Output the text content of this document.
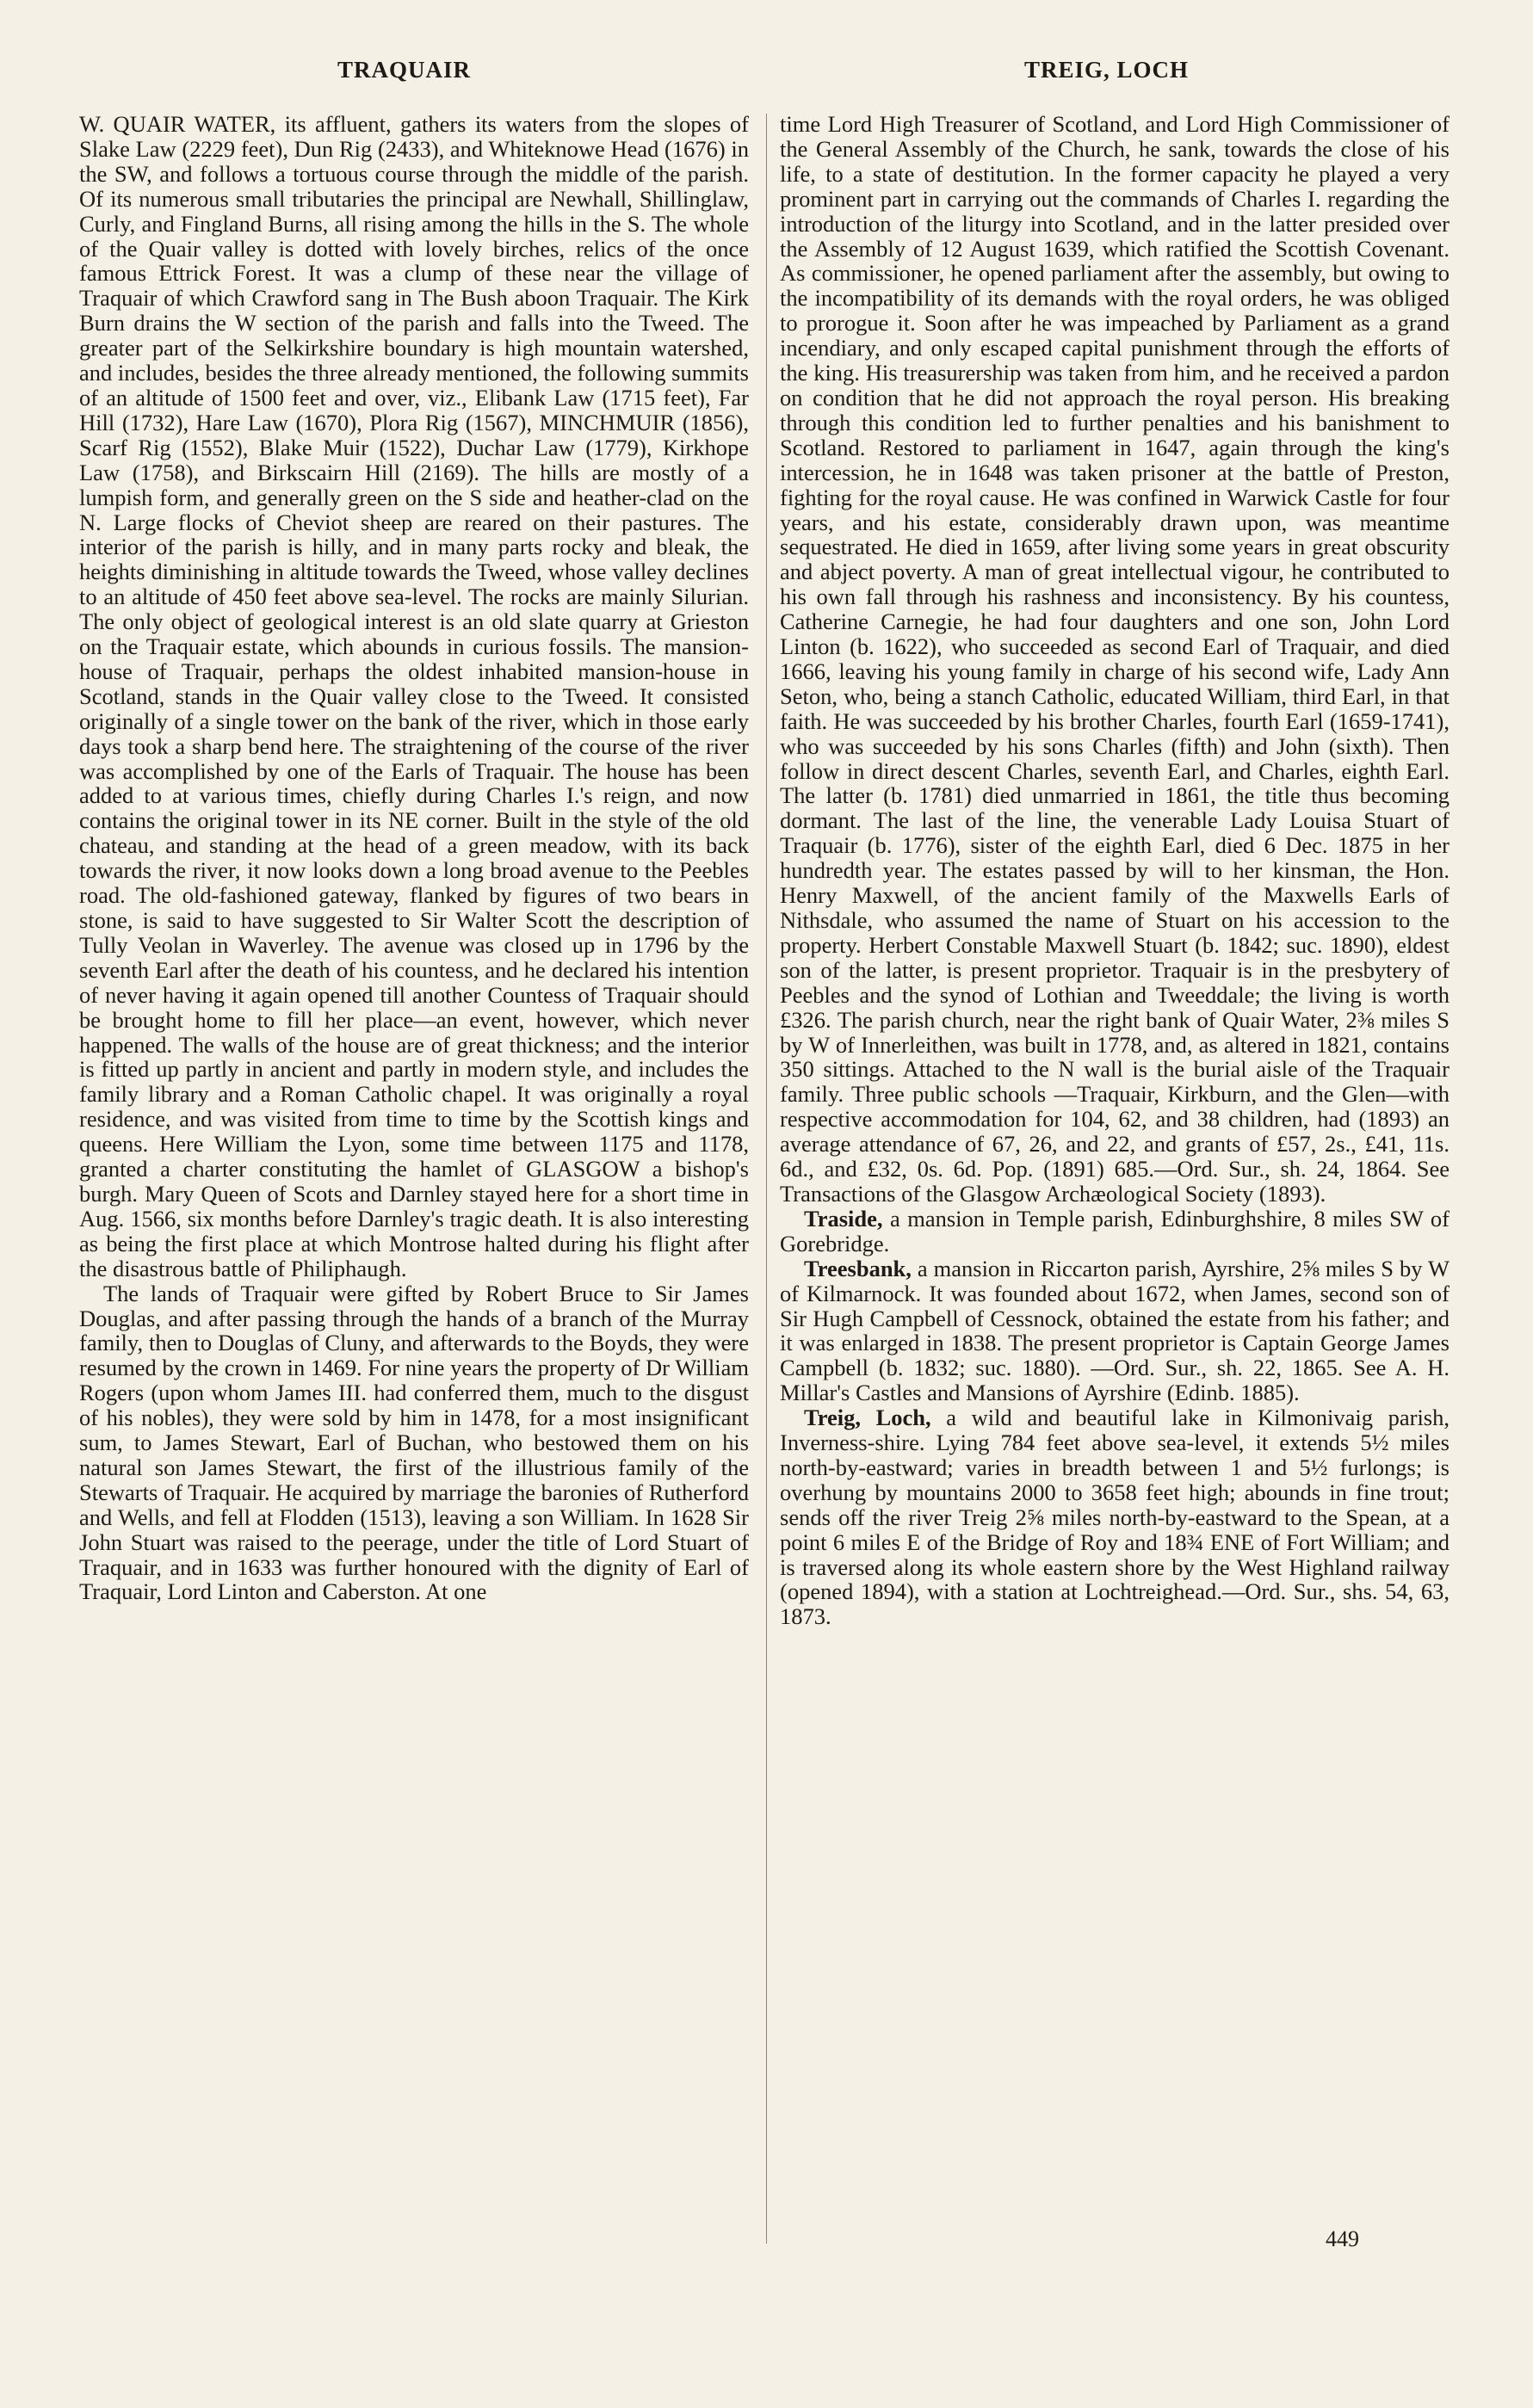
TRAQUAIR	TREIG, LOCH

W. QUAIR WATER, its affluent, gathers its waters from the slopes of Slake Law (2229 feet), Dun Rig (2433), and Whiteknowe Head (1676) in the SW, and follows a tortuous course through the middle of the parish. Of its numerous small tributaries the principal are Newhall, Shillinglaw, Curly, and Fingland Burns, all rising among the hills in the S. The whole of the Quair valley is dotted with lovely birches, relics of the once famous Ettrick Forest. It was a clump of these near the village of Traquair of which Crawford sang in The Bush aboon Traquair. The Kirk Burn drains the W section of the parish and falls into the Tweed. The greater part of the Selkirkshire boundary is high mountain watershed, and includes, besides the three already mentioned, the following summits of an altitude of 1500 feet and over, viz., Elibank Law (1715 feet), Far Hill (1732), Hare Law (1670), Plora Rig (1567), MINCHMUIR (1856), Scarf Rig (1552), Blake Muir (1522), Duchar Law (1779), Kirkhope Law (1758), and Birkscairn Hill (2169). The hills are mostly of a lumpish form, and generally green on the S side and heather-clad on the N. Large flocks of Cheviot sheep are reared on their pastures. The interior of the parish is hilly, and in many parts rocky and bleak, the heights diminishing in altitude towards the Tweed, whose valley declines to an altitude of 450 feet above sea-level. The rocks are mainly Silurian. The only object of geological interest is an old slate quarry at Grieston on the Traquair estate, which abounds in curious fossils. The mansion-house of Traquair, perhaps the oldest inhabited mansion-house in Scotland, stands in the Quair valley close to the Tweed. It consisted originally of a single tower on the bank of the river, which in those early days took a sharp bend here. The straightening of the course of the river was accomplished by one of the Earls of Traquair. The house has been added to at various times, chiefly during Charles I.'s reign, and now contains the original tower in its NE corner. Built in the style of the old chateau, and standing at the head of a green meadow, with its back towards the river, it now looks down a long broad avenue to the Peebles road. The old-fashioned gateway, flanked by figures of two bears in stone, is said to have suggested to Sir Walter Scott the description of Tully Veolan in Waverley. The avenue was closed up in 1796 by the seventh Earl after the death of his countess, and he declared his intention of never having it again opened till another Countess of Traquair should be brought home to fill her place—an event, however, which never happened. The walls of the house are of great thickness; and the interior is fitted up partly in ancient and partly in modern style, and includes the family library and a Roman Catholic chapel. It was originally a royal residence, and was visited from time to time by the Scottish kings and queens. Here William the Lyon, some time between 1175 and 1178, granted a charter constituting the hamlet of GLASGOW a bishop's burgh. Mary Queen of Scots and Darnley stayed here for a short time in Aug. 1566, six months before Darnley's tragic death. It is also interesting as being the first place at which Montrose halted during his flight after the disastrous battle of Philiphaugh.

The lands of Traquair were gifted by Robert Bruce to Sir James Douglas, and after passing through the hands of a branch of the Murray family, then to Douglas of Cluny, and afterwards to the Boyds, they were resumed by the crown in 1469. For nine years the property of Dr William Rogers (upon whom James III. had conferred them, much to the disgust of his nobles), they were sold by him in 1478, for a most insignificant sum, to James Stewart, Earl of Buchan, who bestowed them on his natural son James Stewart, the first of the illustrious family of the Stewarts of Traquair. He acquired by marriage the baronies of Rutherford and Wells, and fell at Flodden (1513), leaving a son William. In 1628 Sir John Stuart was raised to the peerage, under the title of Lord Stuart of Traquair, and in 1633 was further honoured with the dignity of Earl of Traquair, Lord Linton and Caberston. At one

time Lord High Treasurer of Scotland, and Lord High Commissioner of the General Assembly of the Church, he sank, towards the close of his life, to a state of destitution. In the former capacity he played a very prominent part in carrying out the commands of Charles I. regarding the introduction of the liturgy into Scotland, and in the latter presided over the Assembly of 12 August 1639, which ratified the Scottish Covenant. As commissioner, he opened parliament after the assembly, but owing to the incompatibility of its demands with the royal orders, he was obliged to prorogue it. Soon after he was impeached by Parliament as a grand incendiary, and only escaped capital punishment through the efforts of the king. His treasurership was taken from him, and he received a pardon on condition that he did not approach the royal person. His breaking through this condition led to further penalties and his banishment to Scotland. Restored to parliament in 1647, again through the king's intercession, he in 1648 was taken prisoner at the battle of Preston, fighting for the royal cause. He was confined in Warwick Castle for four years, and his estate, considerably drawn upon, was meantime sequestrated. He died in 1659, after living some years in great obscurity and abject poverty. A man of great intellectual vigour, he contributed to his own fall through his rashness and inconsistency. By his countess, Catherine Carnegie, he had four daughters and one son, John Lord Linton (b. 1622), who succeeded as second Earl of Traquair, and died 1666, leaving his young family in charge of his second wife, Lady Ann Seton, who, being a stanch Catholic, educated William, third Earl, in that faith. He was succeeded by his brother Charles, fourth Earl (1659-1741), who was succeeded by his sons Charles (fifth) and John (sixth). Then follow in direct descent Charles, seventh Earl, and Charles, eighth Earl. The latter (b. 1781) died unmarried in 1861, the title thus becoming dormant. The last of the line, the venerable Lady Louisa Stuart of Traquair (b. 1776), sister of the eighth Earl, died 6 Dec. 1875 in her hundredth year. The estates passed by will to her kinsman, the Hon. Henry Maxwell, of the ancient family of the Maxwells Earls of Nithsdale, who assumed the name of Stuart on his accession to the property. Herbert Constable Maxwell Stuart (b. 1842; suc. 1890), eldest son of the latter, is present proprietor. Traquair is in the presbytery of Peebles and the synod of Lothian and Tweeddale; the living is worth £326. The parish church, near the right bank of Quair Water, 2⅜ miles S by W of Innerleithen, was built in 1778, and, as altered in 1821, contains 350 sittings. Attached to the N wall is the burial aisle of the Traquair family. Three public schools —Traquair, Kirkburn, and the Glen—with respective accommodation for 104, 62, and 38 children, had (1893) an average attendance of 67, 26, and 22, and grants of £57, 2s., £41, 11s. 6d., and £32, 0s. 6d. Pop. (1891) 685.—Ord. Sur., sh. 24, 1864. See Transactions of the Glasgow Archæological Society (1893).

Traside, a mansion in Temple parish, Edinburghshire, 8 miles SW of Gorebridge.

Treesbank, a mansion in Riccarton parish, Ayrshire, 2⅝ miles S by W of Kilmarnock. It was founded about 1672, when James, second son of Sir Hugh Campbell of Cessnock, obtained the estate from his father; and it was enlarged in 1838. The present proprietor is Captain George James Campbell (b. 1832; suc. 1880). —Ord. Sur., sh. 22, 1865. See A. H. Millar's Castles and Mansions of Ayrshire (Edinb. 1885).

Treig, Loch, a wild and beautiful lake in Kilmonivaig parish, Inverness-shire. Lying 784 feet above sea-level, it extends 5½ miles north-by-eastward; varies in breadth between 1 and 5½ furlongs; is overhung by mountains 2000 to 3658 feet high; abounds in fine trout; sends off the river Treig 2⅝ miles north-by-eastward to the Spean, at a point 6 miles E of the Bridge of Roy and 18¾ ENE of Fort William; and is traversed along its whole eastern shore by the West Highland railway (opened 1894), with a station at Lochtreighead.—Ord. Sur., shs. 54, 63, 1873.

449
